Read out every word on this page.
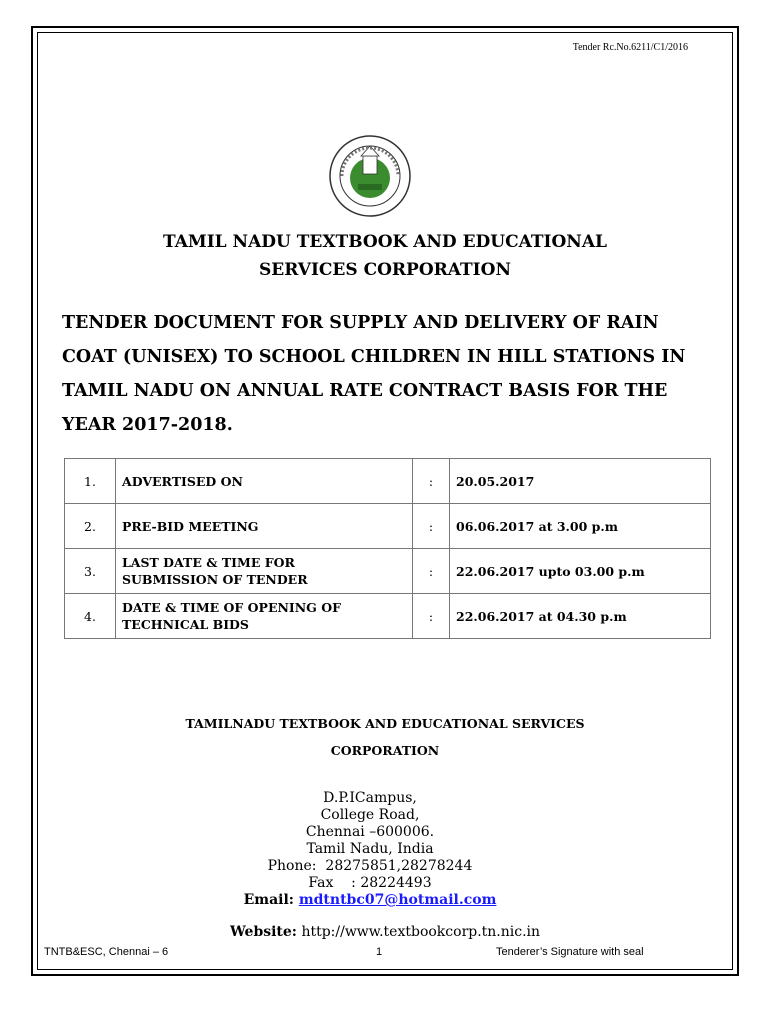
Tender Rc.No.6211/C1/2016
TAMIL NADU TEXTBOOK AND EDUCATIONAL
SERVICES CORPORATION

TENDER DOCUMENT FOR SUPPLY AND DELIVERY OF RAIN COAT (UNISEX) TO SCHOOL CHILDREN IN HILL STATIONS IN TAMIL NADU ON ANNUAL RATE CONTRACT BASIS FOR THE YEAR 2017-2018.

1.	ADVERTISED ON	:	20.05.2017
2.	PRE-BID MEETING	:	06.06.2017 at 3.00 p.m
3.	LAST DATE & TIME FOR
SUBMISSION OF TENDER	:	22.06.2017 upto 03.00 p.m
4.	DATE & TIME OF OPENING OF
TECHNICAL BIDS	:	22.06.2017 at 04.30 p.m
TAMILNADU TEXTBOOK AND EDUCATIONAL SERVICES
CORPORATION
D.P.ICampus,
College Road,
Chennai –600006.
Tamil Nadu, India
Phone:  28275851,28278244
Fax    : 28224493
Email: mdtntbc07@hotmail.com
Website: http://www.textbookcorp.tn.nic.in
TNTB&ESC, Chennai – 6	1	Tenderer’s Signature with seal
